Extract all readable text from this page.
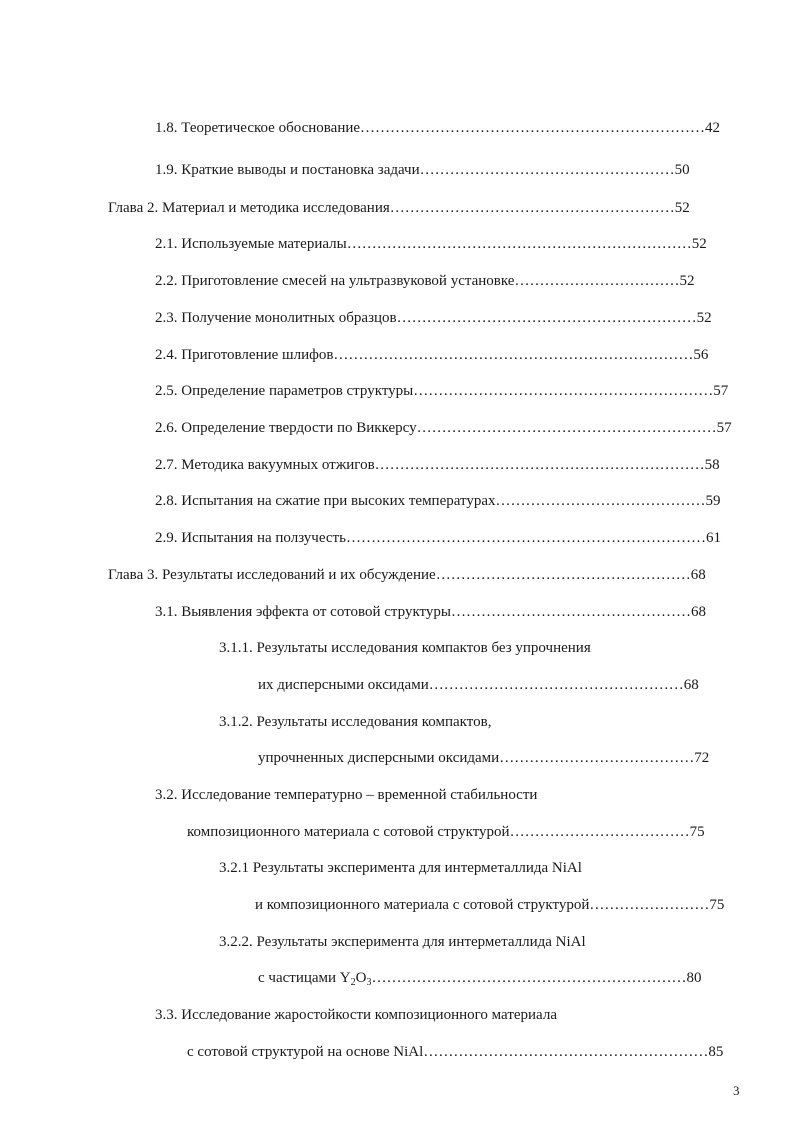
1.8. Теоретическое обоснование……………………………………………………………42
1.9. Краткие выводы и постановка задачи……………………………………………50
Глава 2. Материал и методика исследования…………………………………………………52
2.1. Используемые материалы……………………………………………………………52
2.2. Приготовление смесей на ультразвуковой установке……………………………52
2.3. Получение монолитных образцов……………………………………………………52
2.4. Приготовление шлифов………………………………………………………………56
2.5. Определение параметров структуры……………………………………………………57
2.6. Определение твердости по Виккерсу……………………………………………………57
2.7. Методика вакуумных отжигов…………………………………………………………58
2.8. Испытания на сжатие при высоких температурах……………………………………59
2.9. Испытания на ползучесть………………………………………………………………61
Глава 3. Результаты исследований и их обсуждение……………………………………………68
3.1. Выявления эффекта от сотовой структуры…………………………………………68
3.1.1. Результаты исследования компактов без упрочнения
их дисперсными оксидами……………………………………………68
3.1.2. Результаты исследования компактов,
упрочненных дисперсными оксидами…………………………………72
3.2. Исследование температурно – временной стабильности
композиционного материала с сотовой структурой………………………………75
3.2.1 Результаты эксперимента для интерметаллида NiAl
и композиционного материала с сотовой структурой……………………75
3.2.2. Результаты эксперимента для интерметаллида NiAl
с частицами $Y_2O_3\dots\dots\dots\dots\dots\dots\dots\dots\dots\dots\dots\dots\dots\dots\dots\dots\dots\dots\dots\dots\dots 80$
3.3. Исследование жаростойкости композиционного материала
с сотовой структурой на основе NiAl…………………………………………………85
3
